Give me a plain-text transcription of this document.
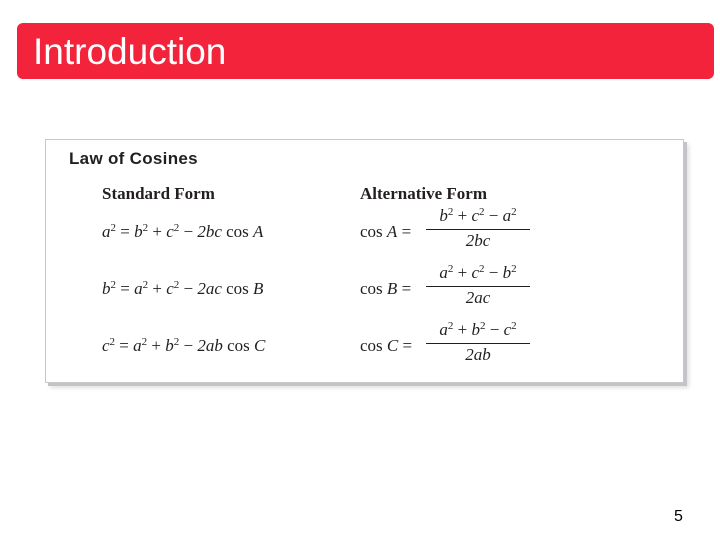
Introduction
Law of Cosines
Standard Form	Alternative Form
$a^2 = b^2 + c^2 - 2bc$ cos A
$b^2 = a^2 + c^2 - 2ac$ cos B
$c^2 = a^2 + b^2 - 2ab$ cos C
cos A =
$b^2 + c^2 - a^2$
2bc
cos B =
$a^2 + c^2 - b^2$
2ac
cos C =
$a^2 + b^2 - c^2$
2ab
5
